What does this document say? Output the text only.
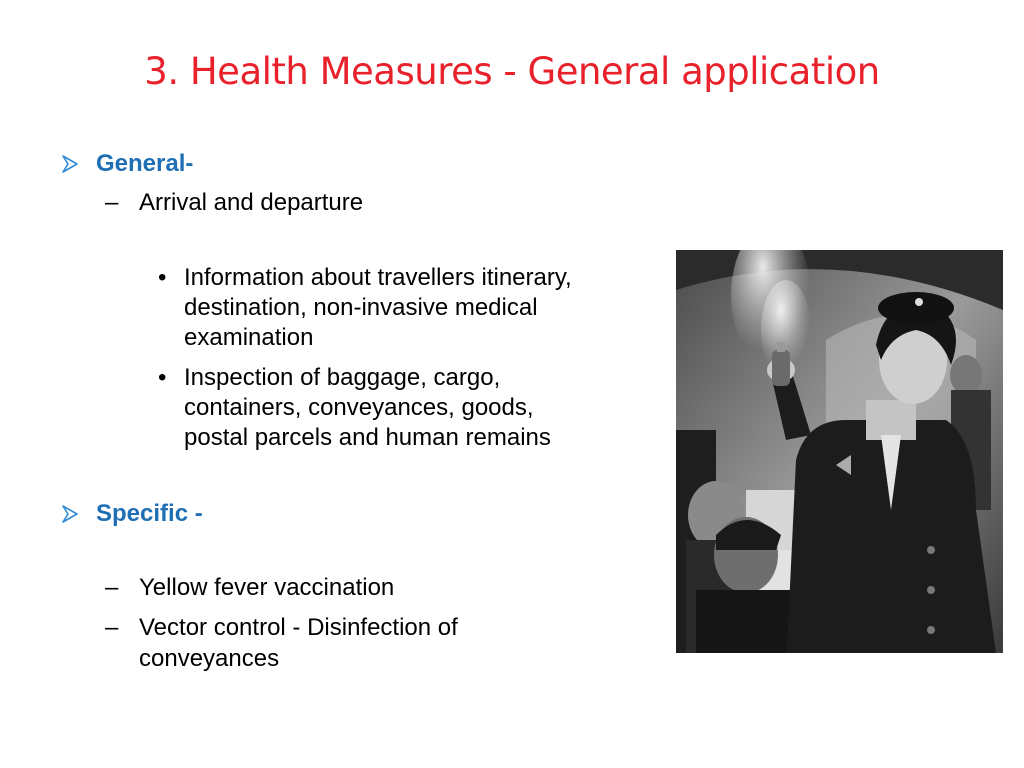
3. Health Measures - General application
General-
– Arrival and departure
• Information about travellers itinerary,
destination, non-invasive medical
examination
• Inspection of baggage, cargo,
containers, conveyances, goods,
postal parcels and human remains
Specific -
– Yellow fever vaccination
– Vector control - Disinfection of
conveyances
